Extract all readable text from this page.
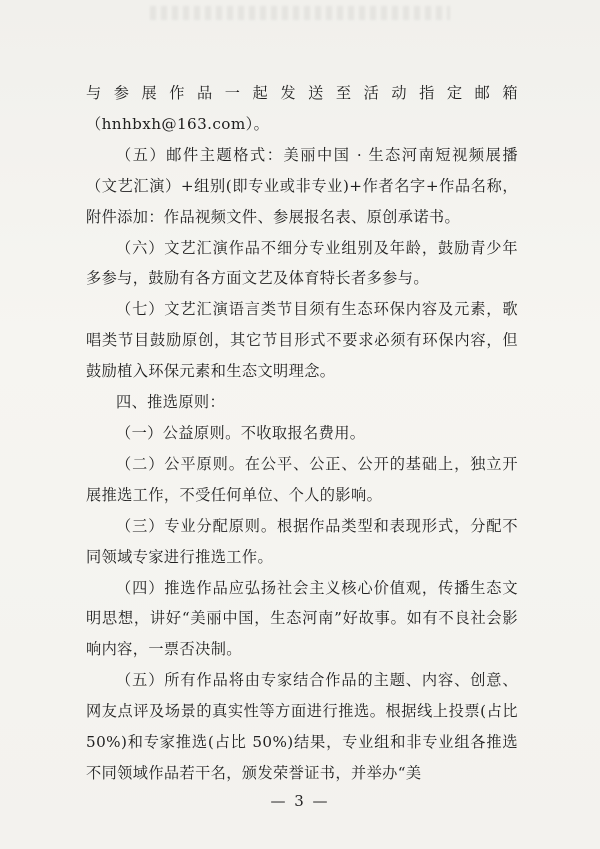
与参展作品一起发送至活动指定邮箱（hnhbxh@163.com）。

（五）邮件主题格式：美丽中国 · 生态河南短视频展播（文艺汇演）+组别(即专业或非专业)+作者名字+作品名称，附件添加：作品视频文件、参展报名表、原创承诺书。

（六）文艺汇演作品不细分专业组别及年龄，鼓励青少年多参与，鼓励有各方面文艺及体育特长者多参与。

（七）文艺汇演语言类节目须有生态环保内容及元素，歌唱类节目鼓励原创，其它节目形式不要求必须有环保内容，但鼓励植入环保元素和生态文明理念。

四、推选原则：

（一）公益原则。不收取报名费用。

（二）公平原则。在公平、公正、公开的基础上，独立开展推选工作，不受任何单位、个人的影响。

（三）专业分配原则。根据作品类型和表现形式，分配不同领域专家进行推选工作。

（四）推选作品应弘扬社会主义核心价值观，传播生态文明思想，讲好“美丽中国，生态河南”好故事。如有不良社会影响内容，一票否决制。

（五）所有作品将由专家结合作品的主题、内容、创意、网友点评及场景的真实性等方面进行推选。根据线上投票(占比 50%)和专家推选(占比 50%)结果，专业组和非专业组各推选不同领域作品若干名，颁发荣誉证书，并举办“美

— 3 —
